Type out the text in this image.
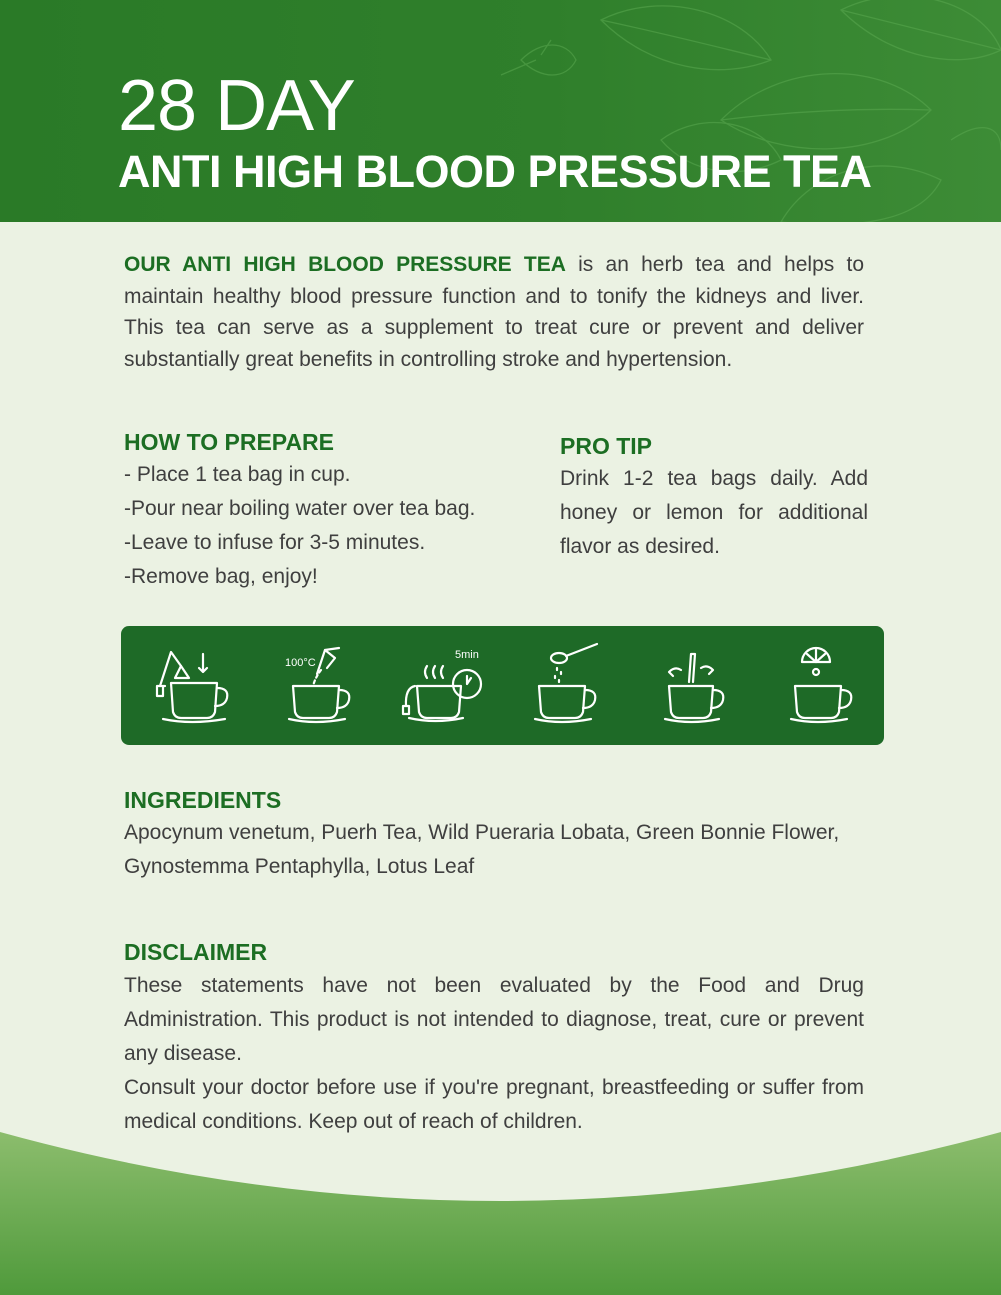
28 DAY
ANTI HIGH BLOOD PRESSURE TEA

OUR ANTI HIGH BLOOD PRESSURE TEA is an herb tea and helps to maintain healthy blood pressure function and to tonify the kidneys and liver. This tea can serve as a supplement to treat cure or prevent and deliver substantially great benefits in controlling stroke and hypertension.

HOW TO PREPARE
- Place 1 tea bag in cup.
-Pour near boiling water over tea bag.
-Leave to infuse for 3-5 minutes.
-Remove bag, enjoy!
PRO TIP

Drink 1-2 tea bags daily. Add honey or lemon for additional flavor as desired.

100°C
5min
INGREDIENTS

Apocynum venetum, Puerh Tea, Wild Pueraria Lobata, Green Bonnie Flower, Gynostemma Pentaphylla, Lotus Leaf

DISCLAIMER
These statements have not been evaluated by the Food and Drug Administration. This product is not intended to diagnose, treat, cure or prevent any disease.
Consult your doctor before use if you're pregnant, breastfeeding or suffer from medical conditions. Keep out of reach of children.
